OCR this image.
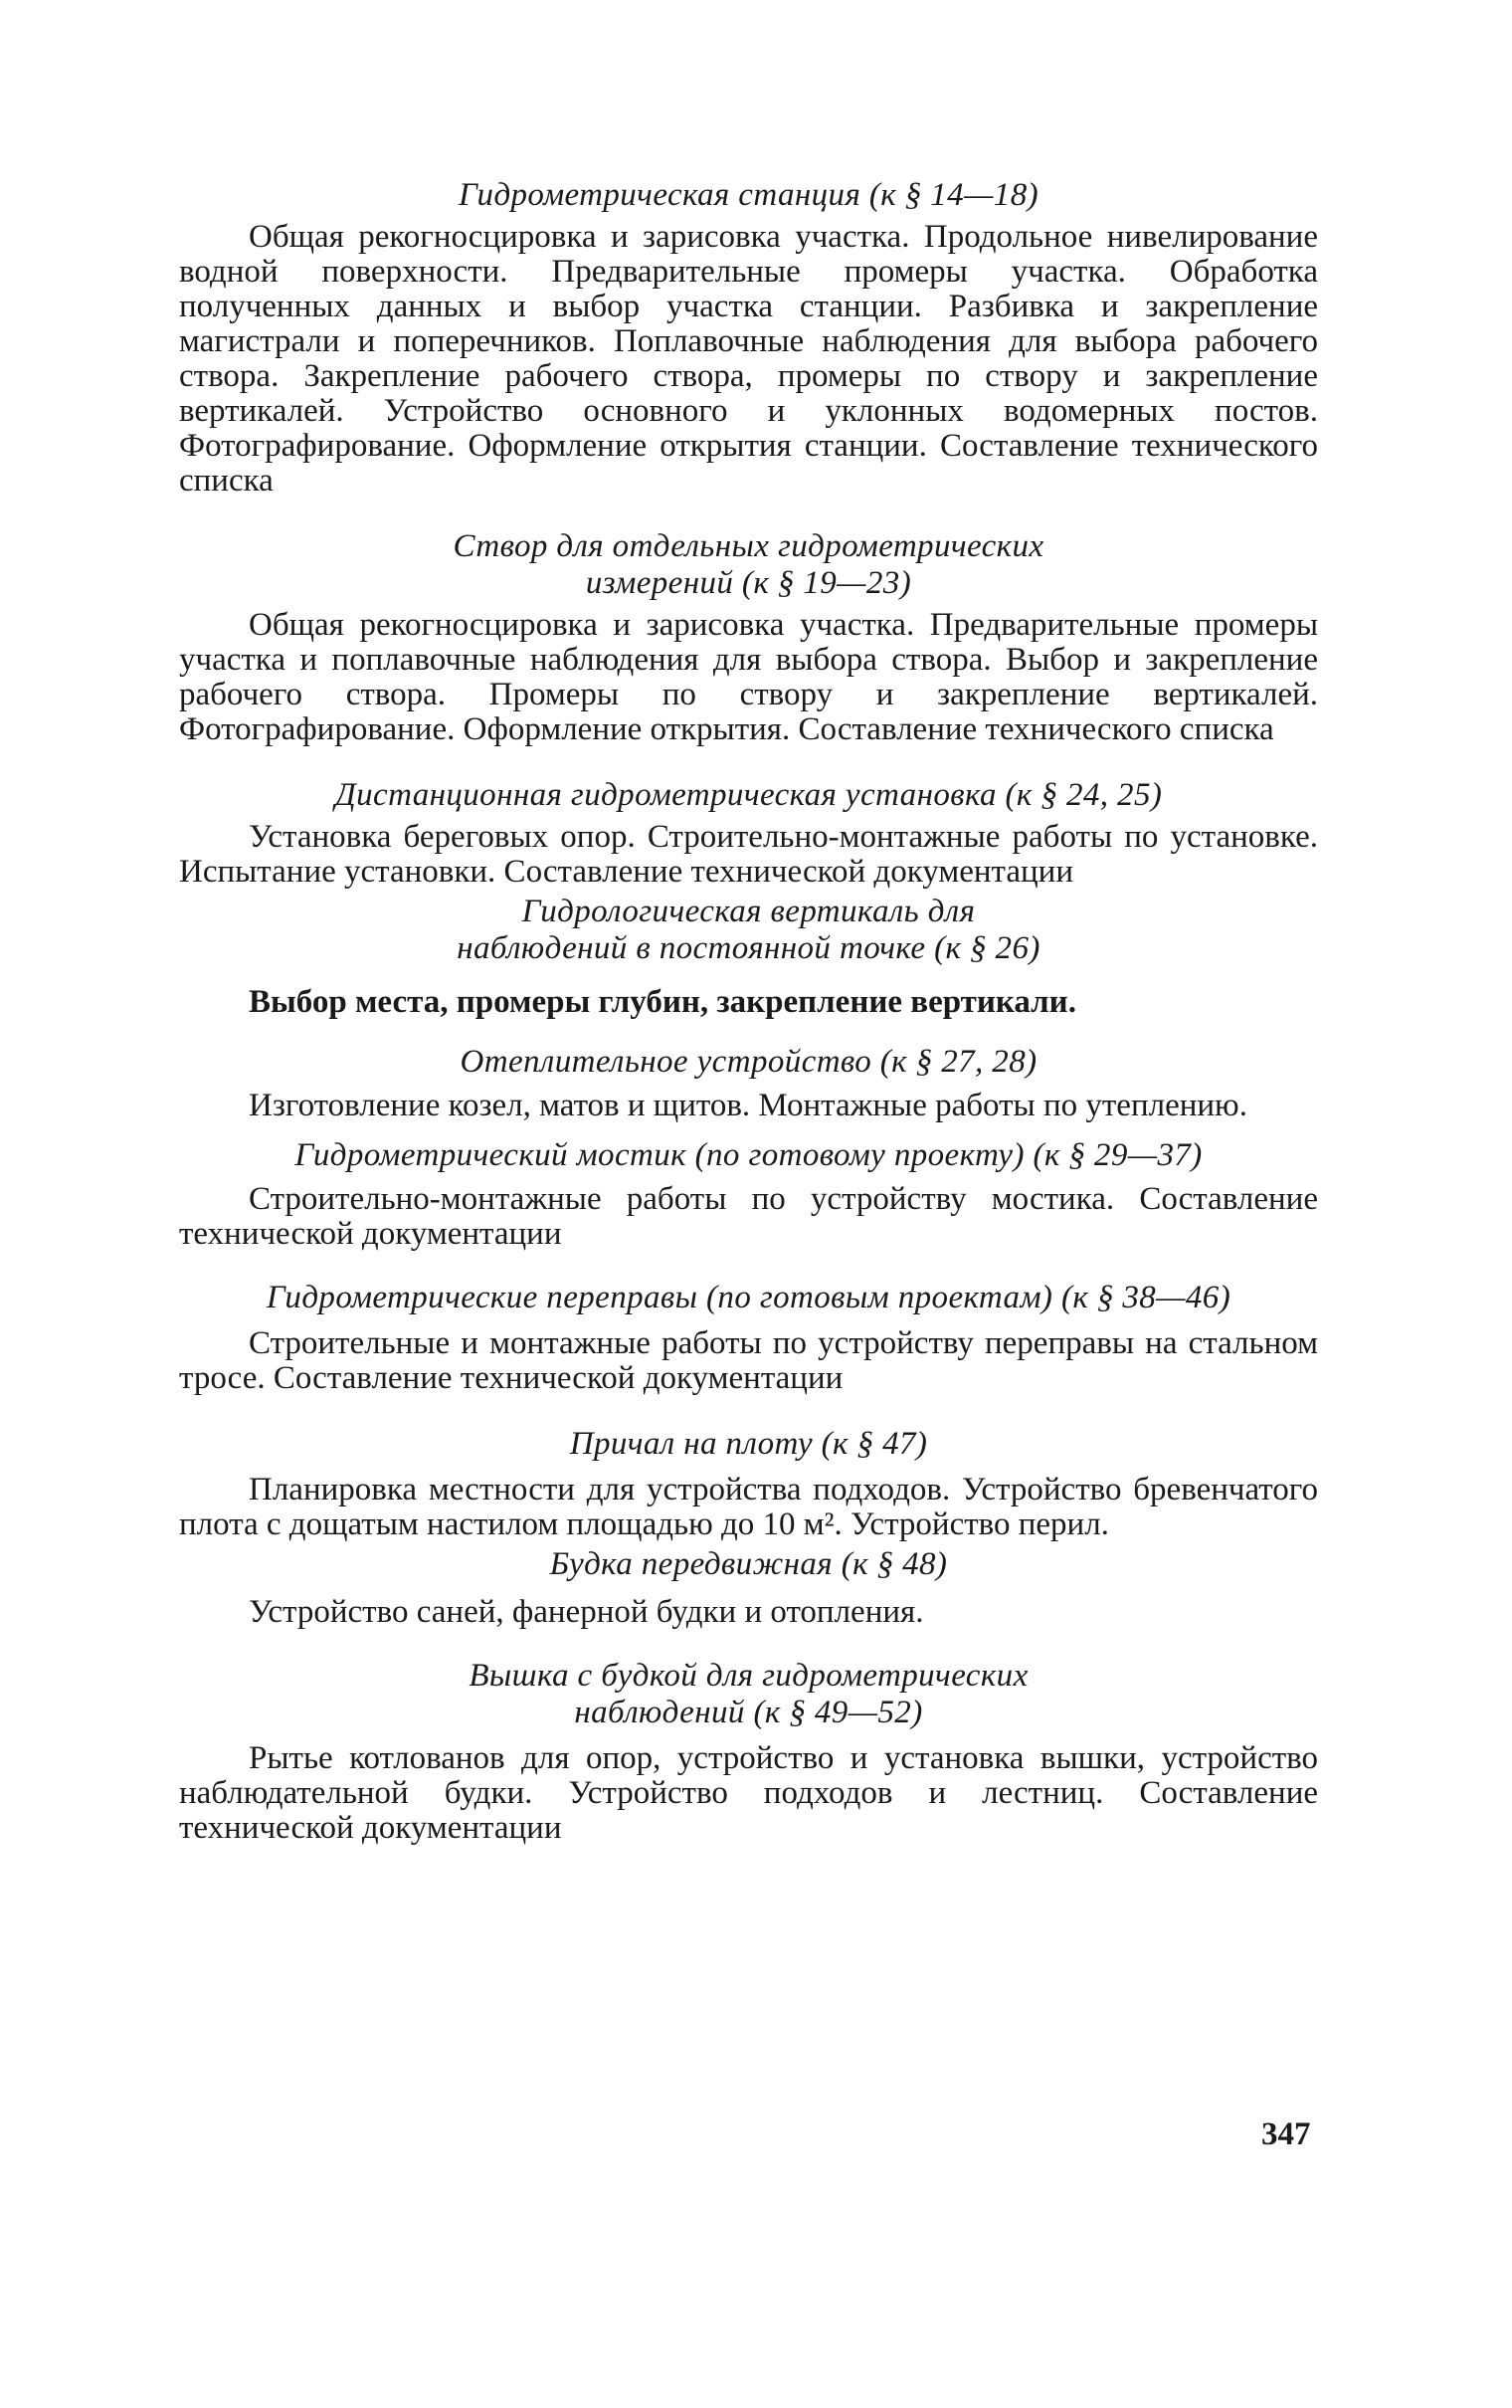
Гидрометрическая станция (к § 14—18)

Общая рекогносцировка и зарисовка участка. Продольное нивелирование водной поверхности. Предварительные промеры участка. Обработка полученных данных и выбор участка станции. Разбивка и закрепление магистрали и поперечников. Поплавочные наблюдения для выбора рабочего створа. Закрепление рабочего створа, промеры по створу и закрепление вертикалей. Устройство основного и уклонных водомерных постов. Фотографирование. Оформление открытия станции. Составление технического списка

Створ для отдельных гидрометрических
измерений (к § 19—23)

Общая рекогносцировка и зарисовка участка. Предварительные промеры участка и поплавочные наблюдения для выбора створа. Выбор и закрепление рабочего створа. Промеры по створу и закрепление вертикалей. Фотографирование. Оформление открытия. Составление технического списка

Дистанционная гидрометрическая установка (к § 24, 25)

Установка береговых опор. Строительно-монтажные работы по установке. Испытание установки. Составление технической документации

Гидрологическая вертикаль для
наблюдений в постоянной точке (к § 26)

Выбор места, промеры глубин, закрепление вертикали.

Отеплительное устройство (к § 27, 28)

Изготовление козел, матов и щитов. Монтажные работы по утеплению.

Гидрометрический мостик (по готовому проекту) (к § 29—37)

Строительно-монтажные работы по устройству мостика. Составление технической документации

Гидрометрические переправы (по готовым проектам) (к § 38—46)

Строительные и монтажные работы по устройству переправы на стальном тросе. Составление технической документации

Причал на плоту (к § 47)

Планировка местности для устройства подходов. Устройство бревенчатого плота с дощатым настилом площадью до 10 м². Устройство перил.

Будка передвижная (к § 48)

Устройство саней, фанерной будки и отопления.

Вышка с будкой для гидрометрических
наблюдений (к § 49—52)

Рытье котлованов для опор, устройство и установка вышки, устройство наблюдательной будки. Устройство подходов и лестниц. Составление технической документации

347
